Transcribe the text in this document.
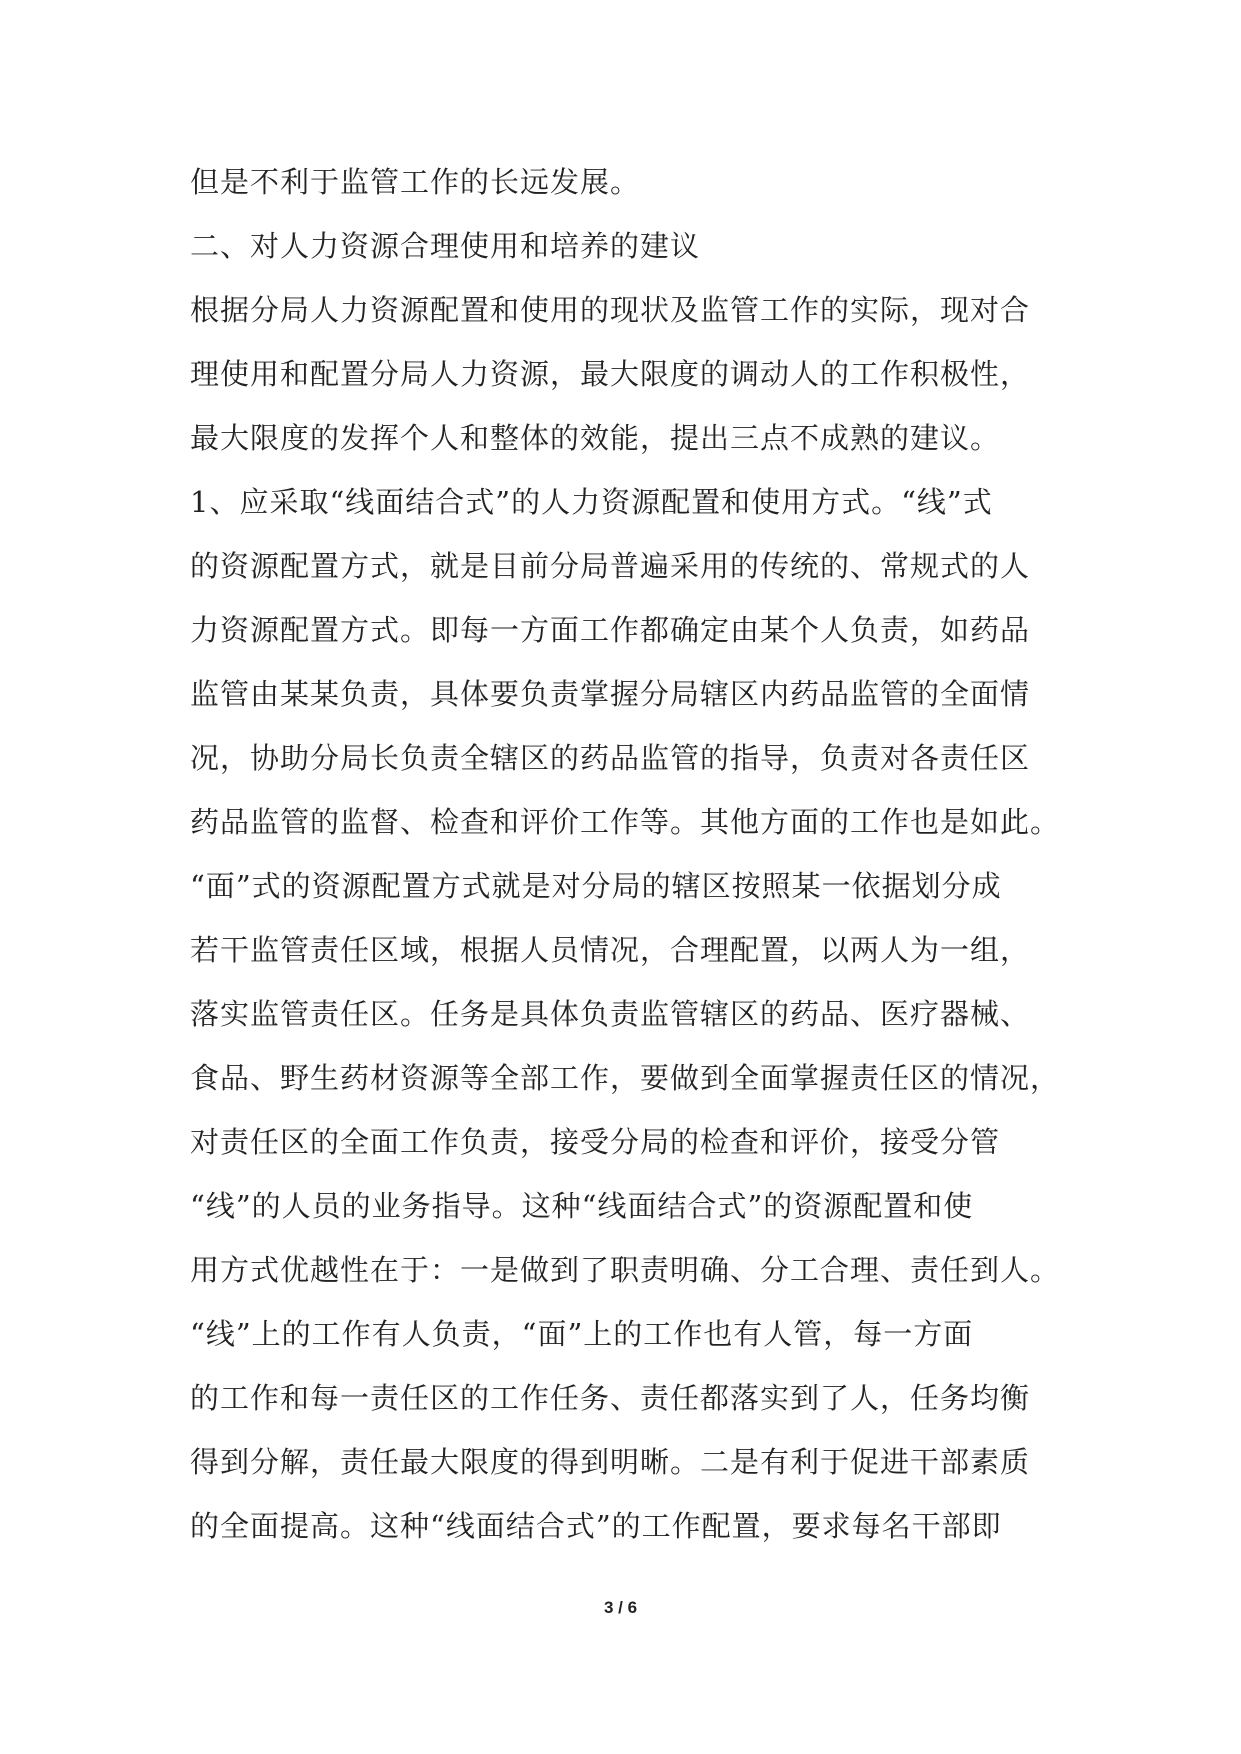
但是不利于监管工作的长远发展。
二、对人力资源合理使用和培养的建议
根据分局人力资源配置和使用的现状及监管工作的实际，现对合
理使用和配置分局人力资源，最大限度的调动人的工作积极性，
最大限度的发挥个人和整体的效能，提出三点不成熟的建议。
1、应采取“线面结合式”的人力资源配置和使用方式。“线”式
的资源配置方式，就是目前分局普遍采用的传统的、常规式的人
力资源配置方式。即每一方面工作都确定由某个人负责，如药品
监管由某某负责，具体要负责掌握分局辖区内药品监管的全面情
况，协助分局长负责全辖区的药品监管的指导，负责对各责任区
药品监管的监督、检查和评价工作等。其他方面的工作也是如此。
“面”式的资源配置方式就是对分局的辖区按照某一依据划分成
若干监管责任区域，根据人员情况，合理配置，以两人为一组，
落实监管责任区。任务是具体负责监管辖区的药品、医疗器械、
食品、野生药材资源等全部工作，要做到全面掌握责任区的情况，
对责任区的全面工作负责，接受分局的检查和评价，接受分管
“线”的人员的业务指导。这种“线面结合式”的资源配置和使
用方式优越性在于：一是做到了职责明确、分工合理、责任到人。
“线”上的工作有人负责，“面”上的工作也有人管，每一方面
的工作和每一责任区的工作任务、责任都落实到了人，任务均衡
得到分解，责任最大限度的得到明晰。二是有利于促进干部素质
的全面提高。这种“线面结合式”的工作配置，要求每名干部即
3 / 6
